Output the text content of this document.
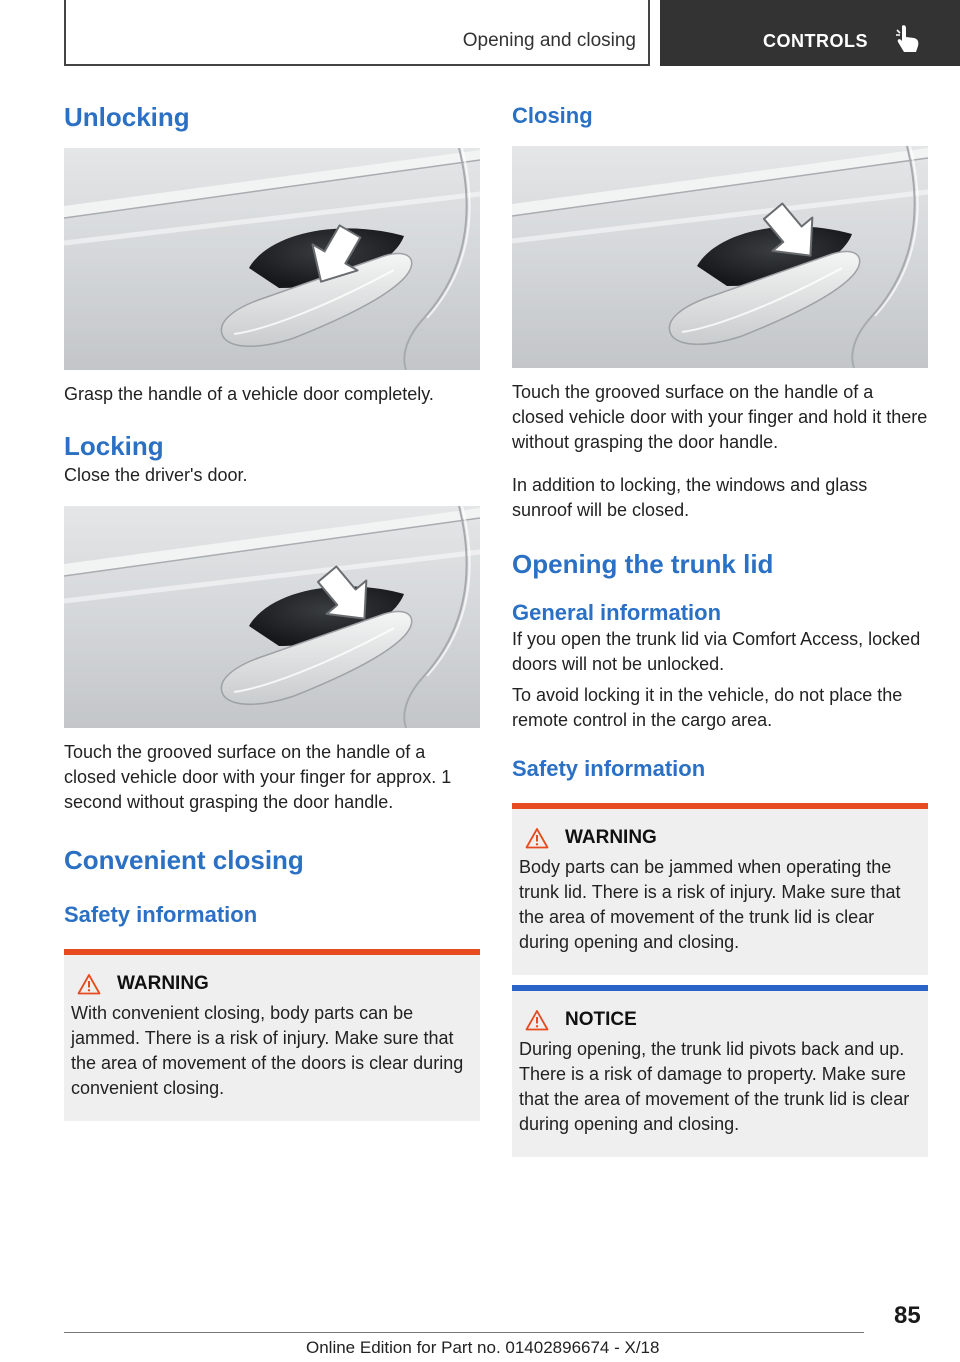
Opening and closing	CONTROLS
Unlocking

Grasp the handle of a vehicle door completely.

Locking

Close the driver's door.

Touch the grooved surface on the handle of a closed vehicle door with your finger for approx. 1 second without grasping the door handle.

Convenient closing
Safety information
WARNING

With convenient closing, body parts can be jammed. There is a risk of injury. Make sure that the area of movement of the doors is clear during convenient closing.

Closing

Touch the grooved surface on the handle of a closed vehicle door with your finger and hold it there without grasping the door handle.

In addition to locking, the windows and glass sunroof will be closed.

Opening the trunk lid
General information

If you open the trunk lid via Comfort Access, locked doors will not be unlocked.

To avoid locking it in the vehicle, do not place the remote control in the cargo area.

Safety information
WARNING

Body parts can be jammed when operating the trunk lid. There is a risk of injury. Make sure that the area of movement of the trunk lid is clear during opening and closing.

NOTICE

During opening, the trunk lid pivots back and up. There is a risk of damage to property. Make sure that the area of movement of the trunk lid is clear during opening and closing.

85
Online Edition for Part no. 01402896674 - X/18
